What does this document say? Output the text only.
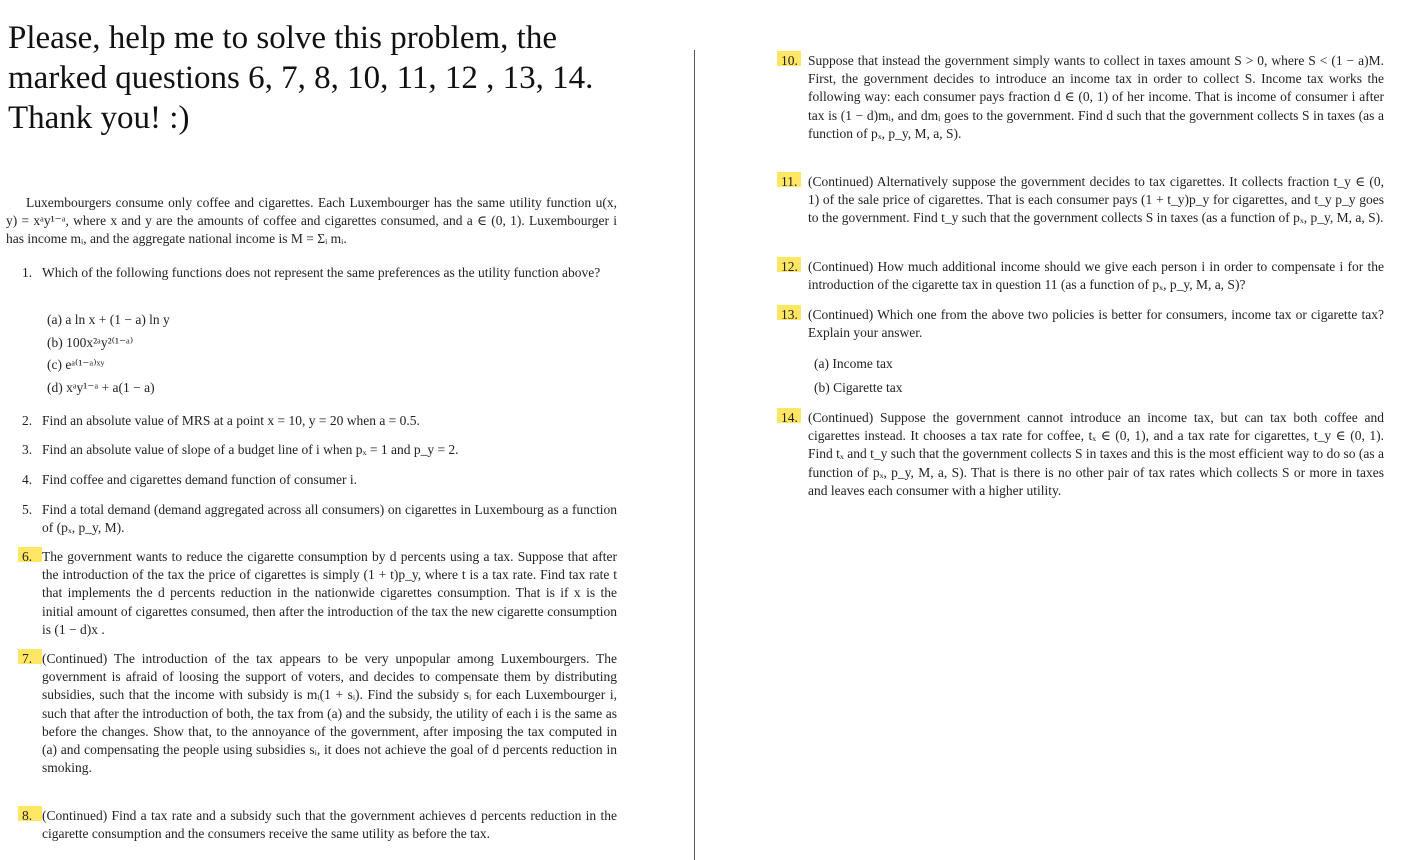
Please, help me to solve this problem, the
marked questions 6, 7, 8, 10, 11, 12 , 13, 14.
Thank you! :)
Luxembourgers consume only coffee and cigarettes. Each Luxembourger has the same utility function u(x, y) = xᵃy¹⁻ᵃ, where x and y are the amounts of coffee and cigarettes consumed, and a ∈ (0, 1). Luxembourger i has income mᵢ, and the aggregate national income is M = Σᵢ mᵢ.
1. Which of the following functions does not represent the same preferences as the utility function above?
(a) a ln x + (1 − a) ln y
(b) 100x²ᵃy²⁽¹⁻ᵃ⁾
(c) eᵃ⁽¹⁻ᵃ⁾ˣʸ
(d) xᵃy¹⁻ᵃ + a(1 − a)
2. Find an absolute value of MRS at a point x = 10, y = 20 when a = 0.5.
3. Find an absolute value of slope of a budget line of i when pₓ = 1 and p_y = 2.
4. Find coffee and cigarettes demand function of consumer i.
5. Find a total demand (demand aggregated across all consumers) on cigarettes in Luxembourg as a function of (pₓ, p_y, M).
6. The government wants to reduce the cigarette consumption by d percents using a tax. Suppose that after the introduction of the tax the price of cigarettes is simply (1 + t)p_y, where t is a tax rate. Find tax rate t that implements the d percents reduction in the nationwide cigarettes consumption. That is if x is the initial amount of cigarettes consumed, then after the introduction of the tax the new cigarette consumption is (1 − d)x .
7. (Continued) The introduction of the tax appears to be very unpopular among Luxembourgers. The government is afraid of loosing the support of voters, and decides to compensate them by distributing subsidies, such that the income with subsidy is mᵢ(1 + sᵢ). Find the subsidy sᵢ for each Luxembourger i, such that after the introduction of both, the tax from (a) and the subsidy, the utility of each i is the same as before the changes. Show that, to the annoyance of the government, after imposing the tax computed in (a) and compensating the people using subsidies sᵢ, it does not achieve the goal of d percents reduction in smoking.
8. (Continued) Find a tax rate and a subsidy such that the government achieves d percents reduction in the cigarette consumption and the consumers receive the same utility as before the tax.
10. Suppose that instead the government simply wants to collect in taxes amount S > 0, where S < (1 − a)M. First, the government decides to introduce an income tax in order to collect S. Income tax works the following way: each consumer pays fraction d ∈ (0, 1) of her income. That is income of consumer i after tax is (1 − d)mᵢ, and dmᵢ goes to the government. Find d such that the government collects S in taxes (as a function of pₓ, p_y, M, a, S).
11. (Continued) Alternatively suppose the government decides to tax cigarettes. It collects fraction t_y ∈ (0, 1) of the sale price of cigarettes. That is each consumer pays (1 + t_y)p_y for cigarettes, and t_y p_y goes to the government. Find t_y such that the government collects S in taxes (as a function of pₓ, p_y, M, a, S).
12. (Continued) How much additional income should we give each person i in order to compensate i for the introduction of the cigarette tax in question 11 (as a function of pₓ, p_y, M, a, S)?
13. (Continued) Which one from the above two policies is better for consumers, income tax or cigarette tax? Explain your answer.
(a) Income tax
(b) Cigarette tax
14. (Continued) Suppose the government cannot introduce an income tax, but can tax both coffee and cigarettes instead. It chooses a tax rate for coffee, tₓ ∈ (0, 1), and a tax rate for cigarettes, t_y ∈ (0, 1). Find tₓ and t_y such that the government collects S in taxes and this is the most efficient way to do so (as a function of pₓ, p_y, M, a, S). That is there is no other pair of tax rates which collects S or more in taxes and leaves each consumer with a higher utility.
